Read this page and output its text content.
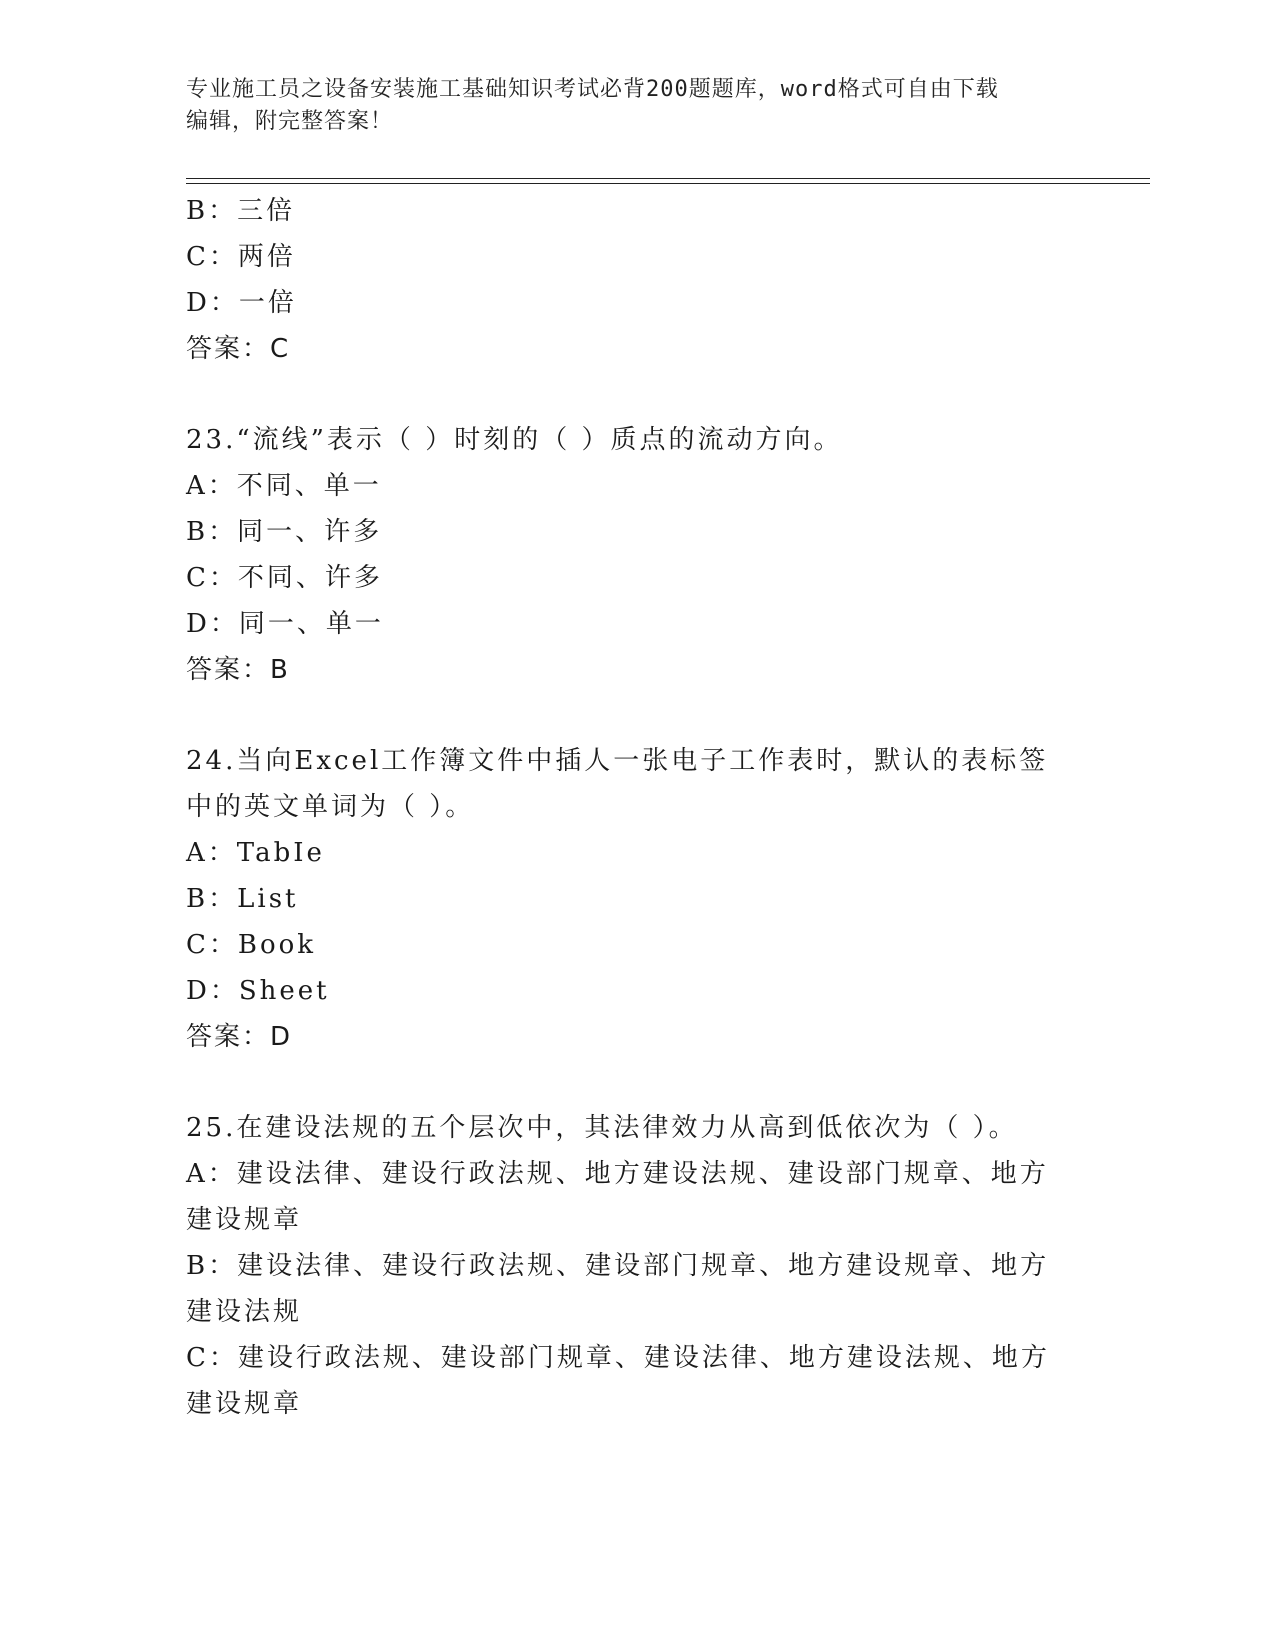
专业施工员之设备安装施工基础知识考试必背200题题库，word格式可自由下载
编辑，附完整答案！
B：三倍
C：两倍
D：一倍
答案：C
23.“流线”表示（ ）时刻的（ ）质点的流动方向。
A：不同、单一
B：同一、许多
C：不同、许多
D：同一、单一
答案：B
24.当向Excel工作簿文件中插人一张电子工作表时，默认的表标签中的英文单词为（ ）。
A：TabIe
B：List
C：Book
D：Sheet
答案：D
25.在建设法规的五个层次中，其法律效力从高到低依次为（ ）。
A：建设法律、建设行政法规、地方建设法规、建设部门规章、地方建设规章
B：建设法律、建设行政法规、建设部门规章、地方建设规章、地方建设法规
C：建设行政法规、建设部门规章、建设法律、地方建设法规、地方建设规章
